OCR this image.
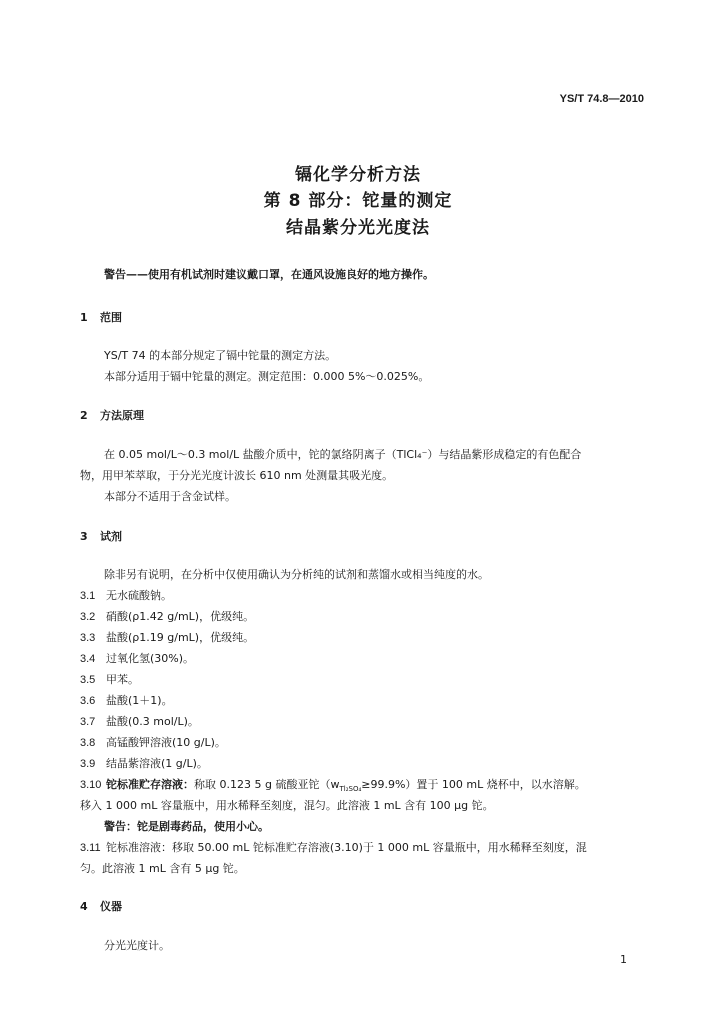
YS/T 74.8—2010
镉化学分析方法
第 8 部分：铊量的测定
结晶紫分光光度法
警告——使用有机试剂时建议戴口罩，在通风设施良好的地方操作。
1 范围
YS/T 74 的本部分规定了镉中铊量的测定方法。
本部分适用于镉中铊量的测定。测定范围：0.000 5%～0.025%。
2 方法原理
在 0.05 mol/L～0.3 mol/L 盐酸介质中，铊的氯络阴离子（TlCl₄⁻）与结晶紫形成稳定的有色配合
物，用甲苯萃取，于分光光度计波长 610 nm 处测量其吸光度。
本部分不适用于含金试样。
3 试剂
除非另有说明，在分析中仅使用确认为分析纯的试剂和蒸馏水或相当纯度的水。
3.1 无水硫酸钠。
3.2 硝酸(ρ1.42 g/mL)，优级纯。
3.3 盐酸(ρ1.19 g/mL)，优级纯。
3.4 过氧化氢(30%)。
3.5 甲苯。
3.6 盐酸(1＋1)。
3.7 盐酸(0.3 mol/L)。
3.8 高锰酸钾溶液(10 g/L)。
3.9 结晶紫溶液(1 g/L)。
3.10 铊标准贮存溶液：称取 0.123 5 g 硫酸亚铊$(w_{Tl_2SO_4}\ge 99.9\%)$置于 100 mL 烧杯中，以水溶解。
移入 1 000 mL 容量瓶中，用水稀释至刻度，混匀。此溶液 1 mL 含有 100 μg 铊。
警告：铊是剧毒药品，使用小心。
3.11 铊标准溶液：移取 50.00 mL 铊标准贮存溶液(3.10)于 1 000 mL 容量瓶中，用水稀释至刻度，混
匀。此溶液 1 mL 含有 5 μg 铊。
4 仪器
分光光度计。
1
